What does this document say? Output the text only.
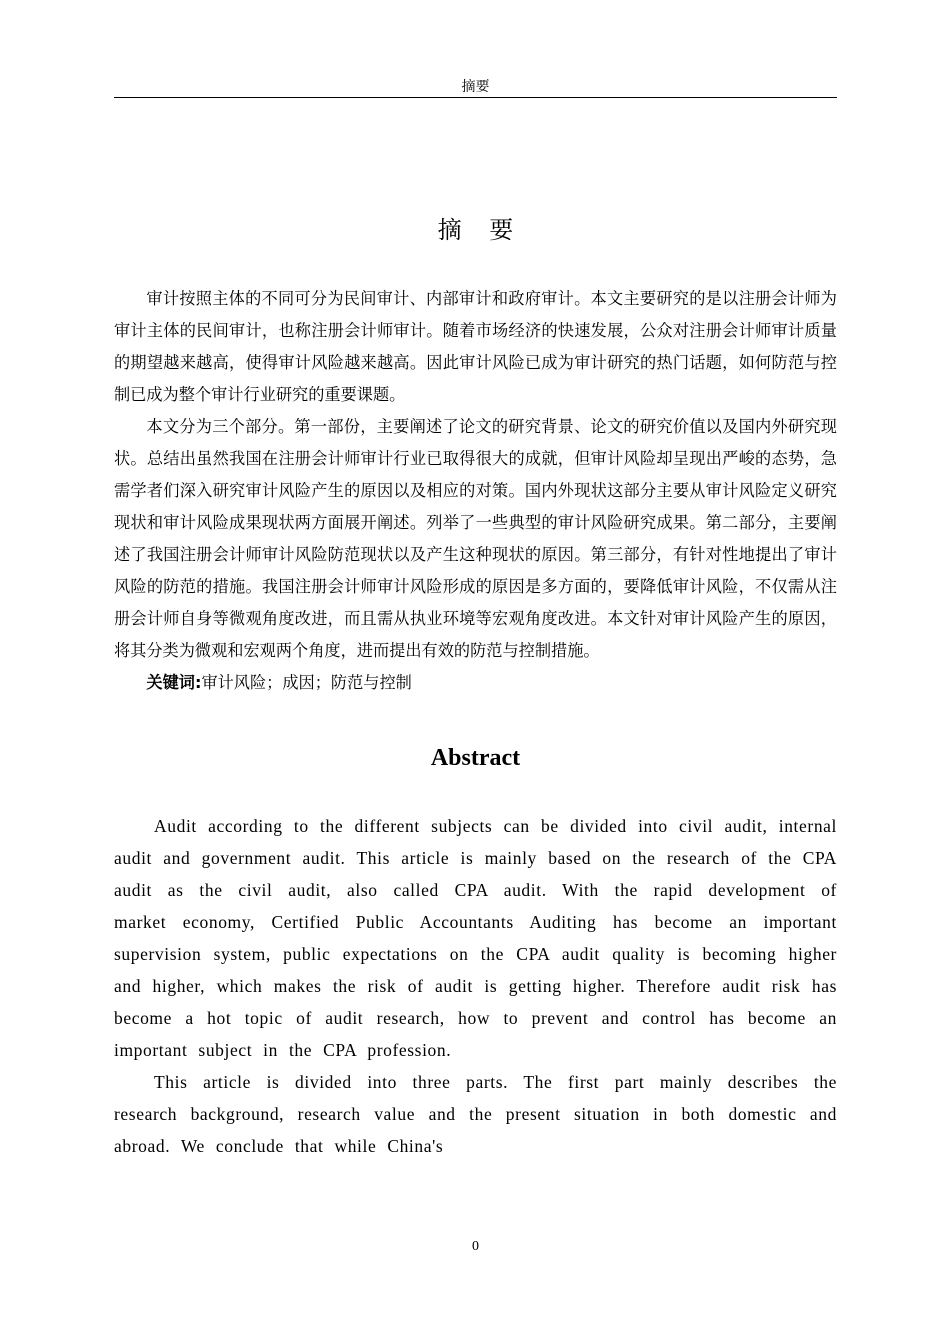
摘要
摘 要

审计按照主体的不同可分为民间审计、内部审计和政府审计。本文主要研究的是以注册会计师为审计主体的民间审计，也称注册会计师审计。随着市场经济的快速发展，公众对注册会计师审计质量的期望越来越高，使得审计风险越来越高。因此审计风险已成为审计研究的热门话题，如何防范与控制已成为整个审计行业研究的重要课题。

本文分为三个部分。第一部份，主要阐述了论文的研究背景、论文的研究价值以及国内外研究现状。总结出虽然我国在注册会计师审计行业已取得很大的成就，但审计风险却呈现出严峻的态势，急需学者们深入研究审计风险产生的原因以及相应的对策。国内外现状这部分主要从审计风险定义研究现状和审计风险成果现状两方面展开阐述。列举了一些典型的审计风险研究成果。第二部分，主要阐述了我国注册会计师审计风险防范现状以及产生这种现状的原因。第三部分，有针对性地提出了审计风险的防范的措施。我国注册会计师审计风险形成的原因是多方面的，要降低审计风险，不仅需从注册会计师自身等微观角度改进，而且需从执业环境等宏观角度改进。本文针对审计风险产生的原因，将其分类为微观和宏观两个角度，进而提出有效的防范与控制措施。

关键词:审计风险；成因；防范与控制

Abstract

Audit according to the different subjects can be divided into civil audit, internal audit and government audit. This article is mainly based on the research of the CPA audit as the civil audit, also called CPA audit. With the rapid development of market economy, Certified Public Accountants Auditing has become an important supervision system, public expectations on the CPA audit quality is becoming higher and higher, which makes the risk of audit is getting higher. Therefore audit risk has become a hot topic of audit research, how to prevent and control has become an important subject in the CPA profession.

This article is divided into three parts. The first part mainly describes the research background, research value and the present situation in both domestic and abroad. We conclude that while China's

0
